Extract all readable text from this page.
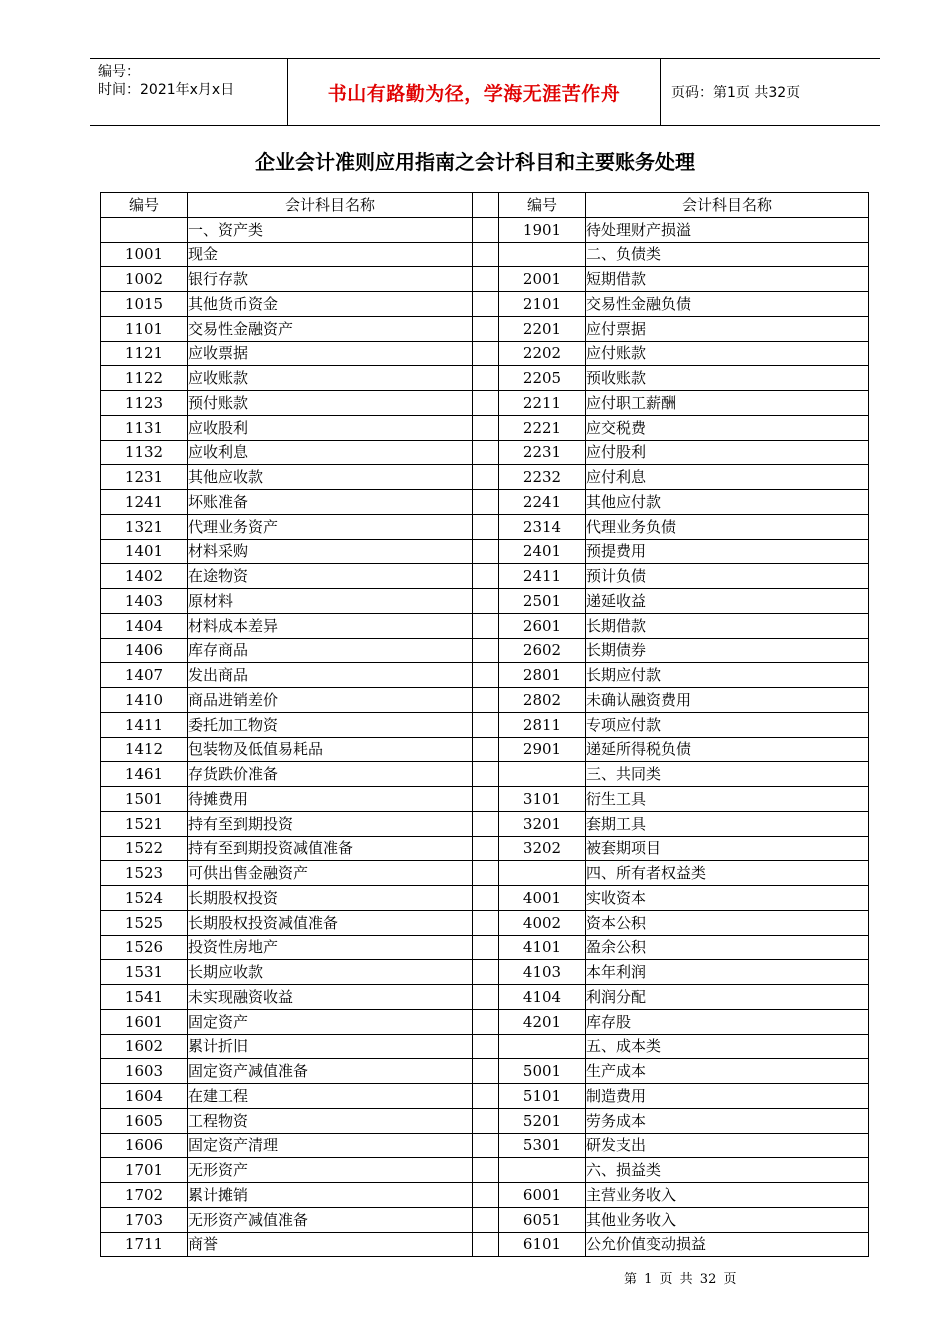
编号：
时间：2021年x月x日	书山有路勤为径，学海无涯苦作舟	页码：第1页 共32页
企业会计准则应用指南之会计科目和主要账务处理
编号	会计科目名称		编号	会计科目名称
	一、资产类		1901	待处理财产损溢
1001	现金			二、负债类
1002	银行存款		2001	短期借款
1015	其他货币资金		2101	交易性金融负债
1101	交易性金融资产		2201	应付票据
1121	应收票据		2202	应付账款
1122	应收账款		2205	预收账款
1123	预付账款		2211	应付职工薪酬
1131	应收股利		2221	应交税费
1132	应收利息		2231	应付股利
1231	其他应收款		2232	应付利息
1241	坏账准备		2241	其他应付款
1321	代理业务资产		2314	代理业务负债
1401	材料采购		2401	预提费用
1402	在途物资		2411	预计负债
1403	原材料		2501	递延收益
1404	材料成本差异		2601	长期借款
1406	库存商品		2602	长期债券
1407	发出商品		2801	长期应付款
1410	商品进销差价		2802	未确认融资费用
1411	委托加工物资		2811	专项应付款
1412	包装物及低值易耗品		2901	递延所得税负债
1461	存货跌价准备			三、共同类
1501	待摊费用		3101	衍生工具
1521	持有至到期投资		3201	套期工具
1522	持有至到期投资减值准备		3202	被套期项目
1523	可供出售金融资产			四、所有者权益类
1524	长期股权投资		4001	实收资本
1525	长期股权投资减值准备		4002	资本公积
1526	投资性房地产		4101	盈余公积
1531	长期应收款		4103	本年利润
1541	未实现融资收益		4104	利润分配
1601	固定资产		4201	库存股
1602	累计折旧			五、成本类
1603	固定资产减值准备		5001	生产成本
1604	在建工程		5101	制造费用
1605	工程物资		5201	劳务成本
1606	固定资产清理		5301	研发支出
1701	无形资产			六、损益类
1702	累计摊销		6001	主营业务收入
1703	无形资产减值准备		6051	其他业务收入
1711	商誉		6101	公允价值变动损益
第 1 页 共 32 页
